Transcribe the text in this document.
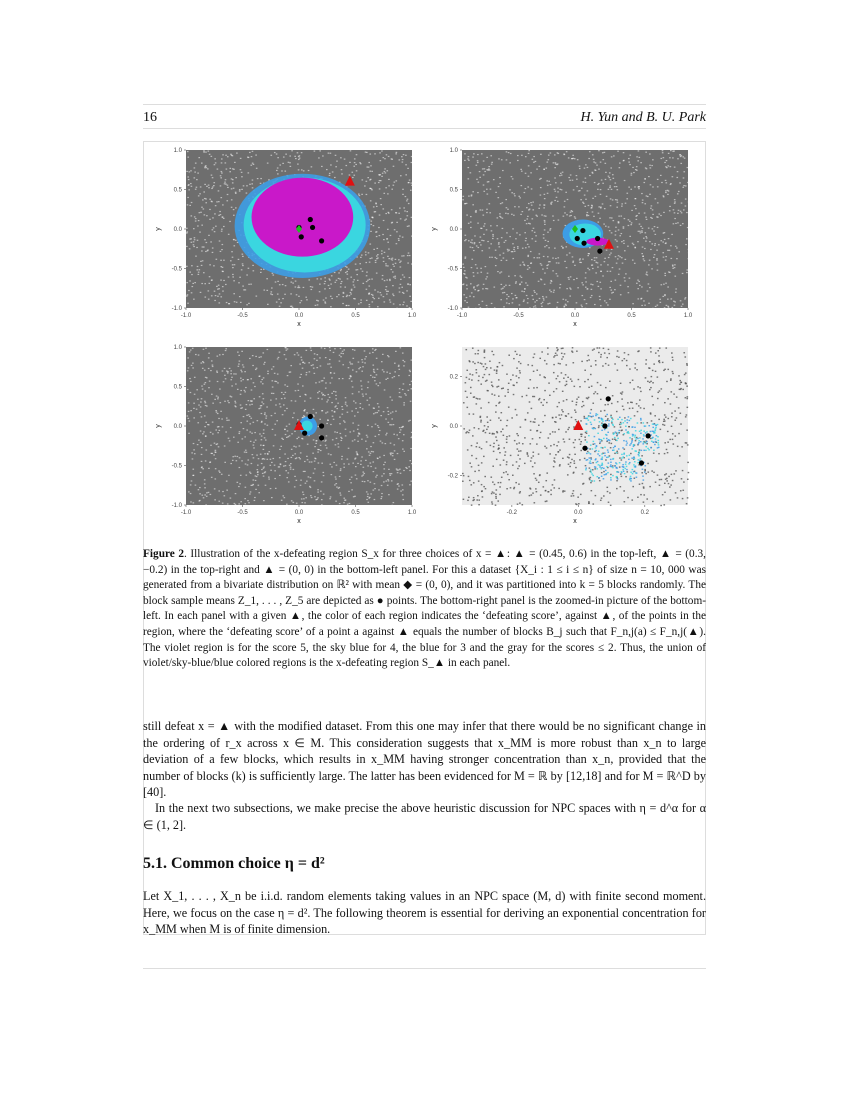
16	H. Yun and B. U. Park
-1.0	-0.5	0.0	0.5	1.0
1.0
0.5
0.0
-0.5
-1.0
x
y
-1.0	-0.5	0.0	0.5	1.0
1.0
0.5
0.0
-0.5
-1.0
x
y
-1.0	-0.5	0.0	0.5	1.0
1.0
0.5
0.0
-0.5
-1.0
x
y
-0.2	0.0	0.2
0.2
0.0
-0.2
x
y
Figure 2. Illustration of the x-defeating region S_x for three choices of x = ▲: ▲ = (0.45, 0.6) in the top-left, ▲ = (0.3, −0.2) in the top-right and ▲ = (0, 0) in the bottom-left panel. For this a dataset {X_i : 1 ≤ i ≤ n} of size n = 10, 000 was generated from a bivariate distribution on ℝ² with mean ◆ = (0, 0), and it was partitioned into k = 5 blocks randomly. The block sample means Z_1, . . . , Z_5 are depicted as ● points. The bottom-right panel is the zoomed-in picture of the bottom-left. In each panel with a given ▲, the color of each region indicates the ‘defeating score’, against ▲, of the points in the region, where the ‘defeating score’ of a point a against ▲ equals the number of blocks B_j such that F_n,j(a) ≤ F_n,j(▲). The violet region is for the score 5, the sky blue for 4, the blue for 3 and the gray for the scores ≤ 2. Thus, the union of violet/sky-blue/blue colored regions is the x-defeating region S_▲ in each panel.
still defeat x = ▲ with the modified dataset. From this one may infer that there would be no significant change in the ordering of r_x across x ∈ M. This consideration suggests that x_MM is more robust than x_n to large deviation of a few blocks, which results in x_MM having stronger concentration than x_n, provided that the number of blocks (k) is sufficiently large. The latter has been evidenced for M = ℝ by [12,18] and for M = ℝ^D by [40].
In the next two subsections, we make precise the above heuristic discussion for NPC spaces with η = d^α for α ∈ (1, 2].
5.1. Common choice η = d²
Let X_1, . . . , X_n be i.i.d. random elements taking values in an NPC space (M, d) with finite second moment. Here, we focus on the case η = d². The following theorem is essential for deriving an exponential concentration for x_MM when M is of finite dimension.
